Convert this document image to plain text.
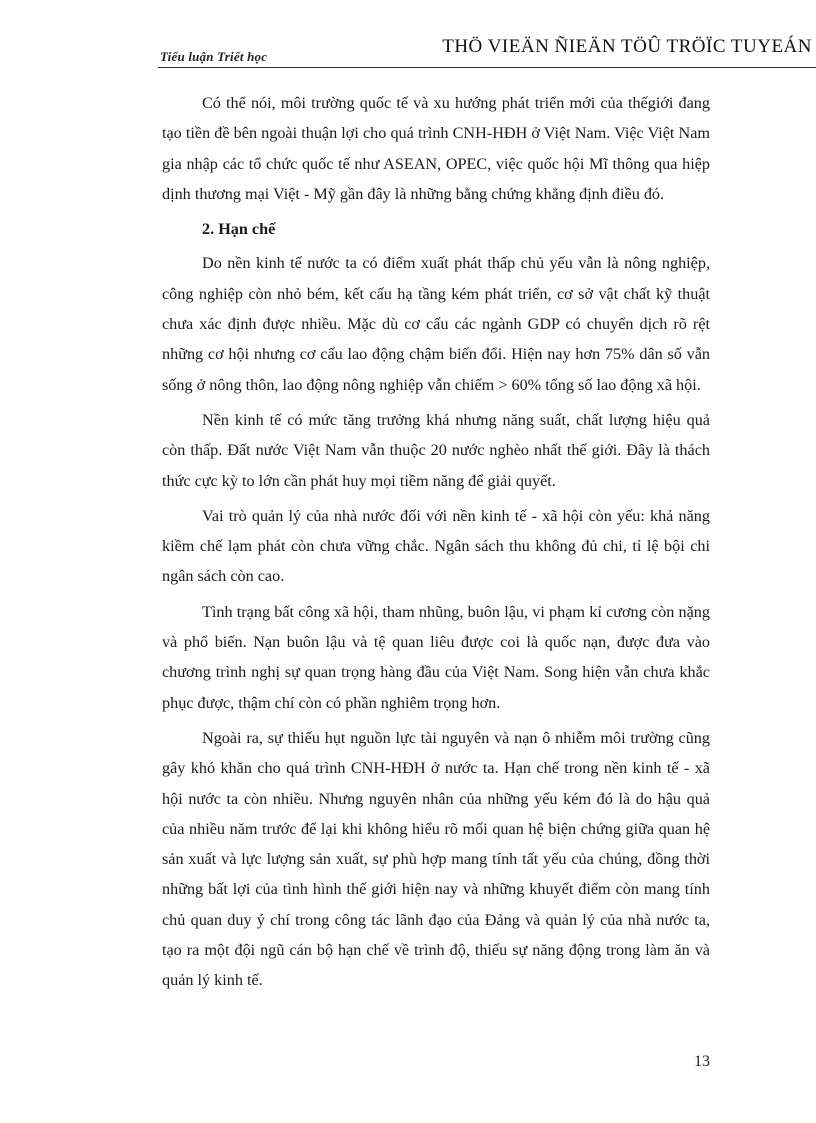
Tiểu luận Triết học	THÖ VIEÄN ÑIEÄN TÖÛ TRÖÏC TUYEÁN

Có thể nói, môi trường quốc tế và xu hướng phát triển mới của thếgiới đang tạo tiền đề bên ngoài thuận lợi cho quá trình CNH-HĐH ở Việt Nam. Việc Việt Nam gia nhập các tổ chức quốc tế như ASEAN, OPEC, việc quốc hội Mĩ thông qua hiệp dịnh thương mại Việt - Mỹ gần đây là những bằng chứng khẳng định điều đó.

2. Hạn chế

Do nền kinh tế nước ta có điểm xuất phát thấp chủ yếu vẫn là nông nghiệp, công nghiệp còn nhỏ bém, kết cấu hạ tầng kém phát triển, cơ sở vật chất kỹ thuật chưa xác định được nhiều. Mặc dù cơ cấu các ngành GDP có chuyển dịch rõ rệt những cơ hội nhưng cơ cấu lao động chậm biến đổi. Hiện nay hơn 75% dân số vẫn sống ở nông thôn, lao động nông nghiệp vẫn chiếm > 60% tổng số lao động xã hội.

Nền kinh tế có mức tăng trưởng khá nhưng năng suất, chất lượng hiệu quả còn thấp. Đất nước Việt Nam vẫn thuộc 20 nước nghèo nhất thế giới. Đây là thách thức cực kỳ to lớn cần phát huy mọi tiềm năng để giải quyết.

Vai trò quản lý của nhà nước đối với nền kinh tế - xã hội còn yếu: khả năng kiềm chế lạm phát còn chưa vững chắc. Ngân sách thu không đủ chi, tỉ lệ bội chi ngân sách còn cao.

Tình trạng bất công xã hội, tham nhũng, buôn lậu, vi phạm kỉ cương còn nặng và phổ biến. Nạn buôn lậu và tệ quan liêu được coi là quốc nạn, được đưa vào chương trình nghị sự quan trọng hàng đầu của Việt Nam. Song hiện vẫn chưa khắc phục được, thậm chí còn có phần nghiêm trọng hơn.

Ngoài ra, sự thiếu hụt nguồn lực tài nguyên và nạn ô nhiễm môi trường cũng gây khó khăn cho quá trình CNH-HĐH ở nước ta. Hạn chế trong nền kinh tế - xã hội nước ta còn nhiều. Nhưng nguyên nhân của những yếu kém đó là do hậu quả của nhiều năm trước để lại khi không hiểu rõ mối quan hệ biện chứng giữa quan hệ sản xuất và lực lượng sản xuất, sự phù hợp mang tính tất yếu của chúng, đồng thời những bất lợi của tình hình thế giới hiện nay và những khuyết điểm còn mang tính chủ quan duy ý chí trong công tác lãnh đạo của Đảng và quản lý của nhà nước ta, tạo ra một đội ngũ cán bộ hạn chế về trình độ, thiếu sự năng động trong làm ăn và quản lý kinh tế.

13
